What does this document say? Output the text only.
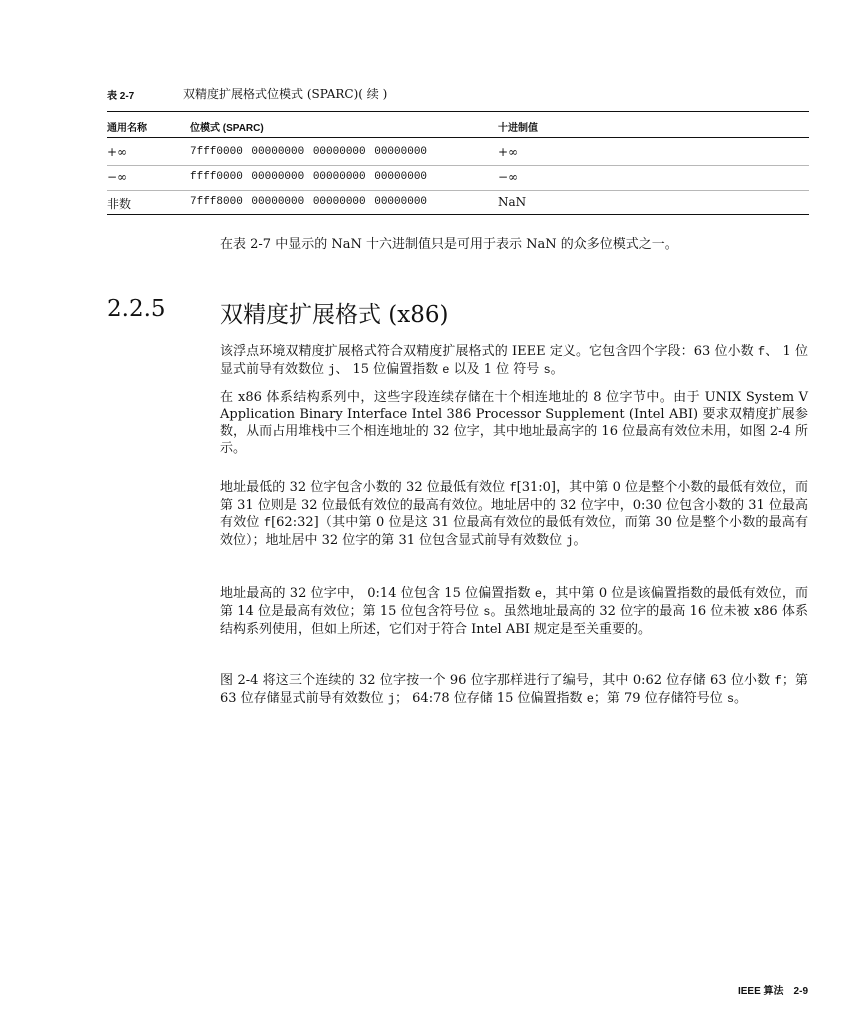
表 2-7	双精度扩展格式位模式 (SPARC)( 续 )
通用名称	位模式 (SPARC)	十进制值
+∞	7fff0000 00000000 00000000 00000000	+∞
−∞	ffff0000 00000000 00000000 00000000	−∞
非数	7fff8000 00000000 00000000 00000000	NaN
在表 2-7 中显示的 NaN 十六进制值只是可用于表示 NaN 的众多位模式之一。
2.2.5 双精度扩展格式 (x86)

该浮点环境双精度扩展格式符合双精度扩展格式的 IEEE 定义。它包含四个字段：63 位小数 f、 1 位显式前导有效数位 j、 15 位偏置指数 e 以及 1 位 符号 s。

在 x86 体系结构系列中，这些字段连续存储在十个相连地址的 8 位字节中。由于 UNIX System V Application Binary Interface Intel 386 Processor Supplement (Intel ABI) 要求双精度扩展参数，从而占用堆栈中三个相连地址的 32 位字，其中地址最高字的 16 位最高有效位未用，如图 2-4 所示。

地址最低的 32 位字包含小数的 32 位最低有效位 f[31:0]，其中第 0 位是整个小数的最低有效位，而第 31 位则是 32 位最低有效位的最高有效位。地址居中的 32 位字中，0:30 位包含小数的 31 位最高有效位 f[62:32]（其中第 0 位是这 31 位最高有效位的最低有效位，而第 30 位是整个小数的最高有效位）；地址居中 32 位字的第 31 位包含显式前导有效数位 j。

地址最高的 32 位字中， 0:14 位包含 15 位偏置指数 e，其中第 0 位是该偏置指数的最低有效位，而第 14 位是最高有效位；第 15 位包含符号位 s。虽然地址最高的 32 位字的最高 16 位未被 x86 体系结构系列使用，但如上所述，它们对于符合 Intel ABI 规定是至关重要的。

图 2-4 将这三个连续的 32 位字按一个 96 位字那样进行了编号，其中 0:62 位存储 63 位小数 f；第 63 位存储显式前导有效数位 j； 64:78 位存储 15 位偏置指数 e；第 79 位存储符号位 s。

IEEE 算法 2-9
